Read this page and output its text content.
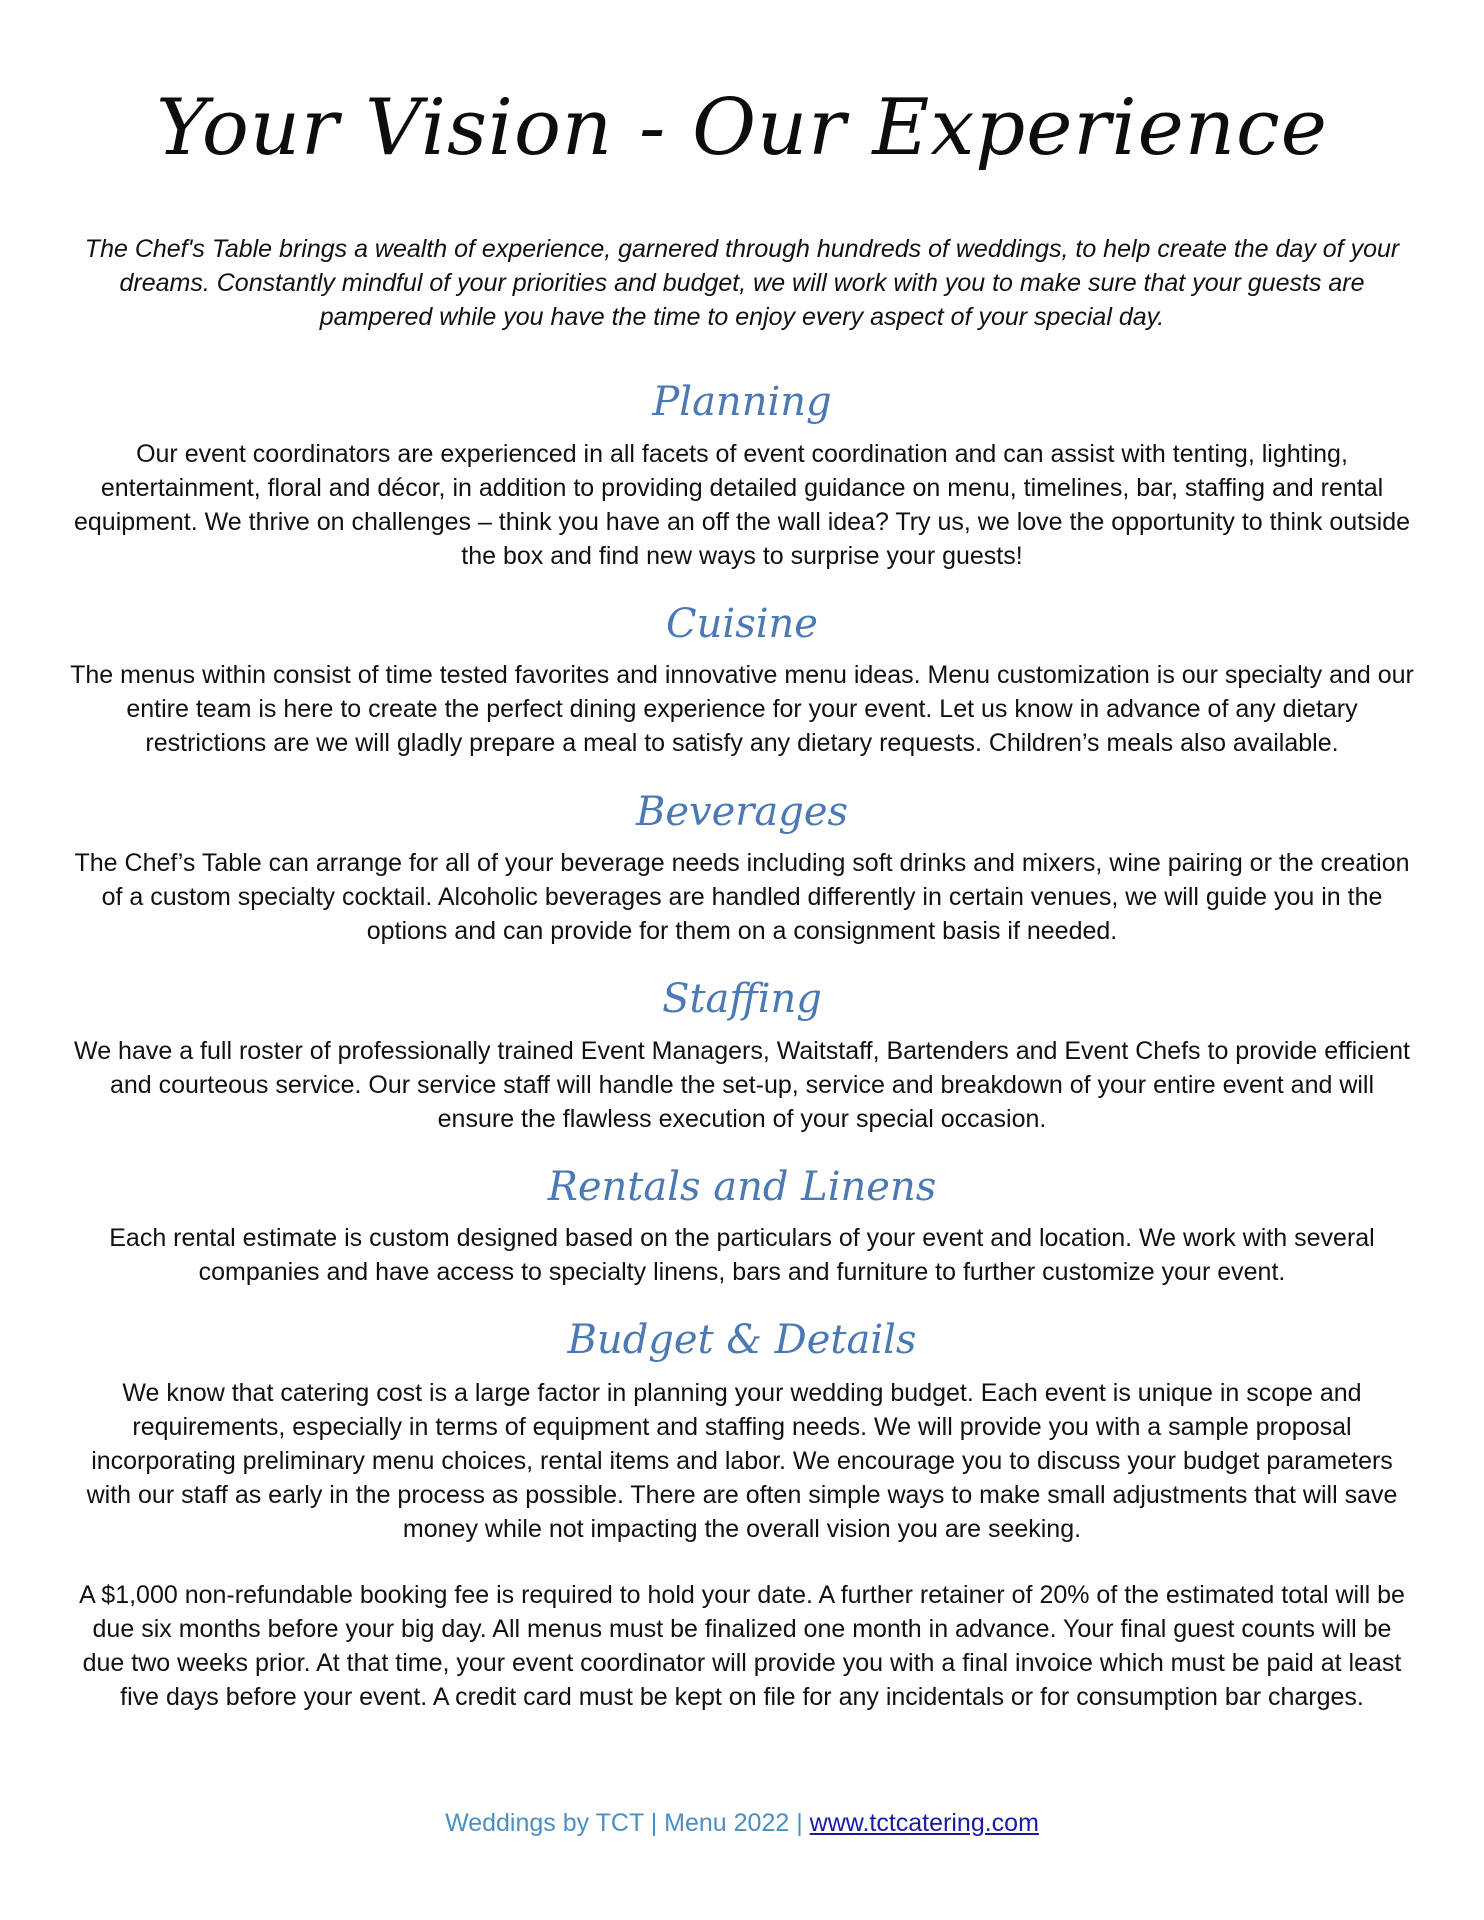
Your Vision - Our Experience
The Chef's Table brings a wealth of experience, garnered through hundreds of weddings, to help create the day of your dreams. Constantly mindful of your priorities and budget, we will work with you to make sure that your guests are pampered while you have the time to enjoy every aspect of your special day.
Planning
Our event coordinators are experienced in all facets of event coordination and can assist with tenting, lighting, entertainment, floral and décor, in addition to providing detailed guidance on menu, timelines, bar, staffing and rental equipment. We thrive on challenges – think you have an off the wall idea? Try us, we love the opportunity to think outside the box and find new ways to surprise your guests!
Cuisine
The menus within consist of time tested favorites and innovative menu ideas. Menu customization is our specialty and our entire team is here to create the perfect dining experience for your event. Let us know in advance of any dietary restrictions are we will gladly prepare a meal to satisfy any dietary requests. Children’s meals also available.
Beverages
The Chef’s Table can arrange for all of your beverage needs including soft drinks and mixers, wine pairing or the creation of a custom specialty cocktail. Alcoholic beverages are handled differently in certain venues, we will guide you in the options and can provide for them on a consignment basis if needed.
Staffing
We have a full roster of professionally trained Event Managers, Waitstaff, Bartenders and Event Chefs to provide efficient and courteous service. Our service staff will handle the set-up, service and breakdown of your entire event and will ensure the flawless execution of your special occasion.
Rentals and Linens
Each rental estimate is custom designed based on the particulars of your event and location. We work with several companies and have access to specialty linens, bars and furniture to further customize your event.
Budget & Details
We know that catering cost is a large factor in planning your wedding budget. Each event is unique in scope and requirements, especially in terms of equipment and staffing needs. We will provide you with a sample proposal incorporating preliminary menu choices, rental items and labor. We encourage you to discuss your budget parameters with our staff as early in the process as possible. There are often simple ways to make small adjustments that will save money while not impacting the overall vision you are seeking.
A $1,000 non-refundable booking fee is required to hold your date. A further retainer of 20% of the estimated total will be due six months before your big day. All menus must be finalized one month in advance. Your final guest counts will be due two weeks prior. At that time, your event coordinator will provide you with a final invoice which must be paid at least five days before your event. A credit card must be kept on file for any incidentals or for consumption bar charges.
Weddings by TCT | Menu 2022 | www.tctcatering.com
